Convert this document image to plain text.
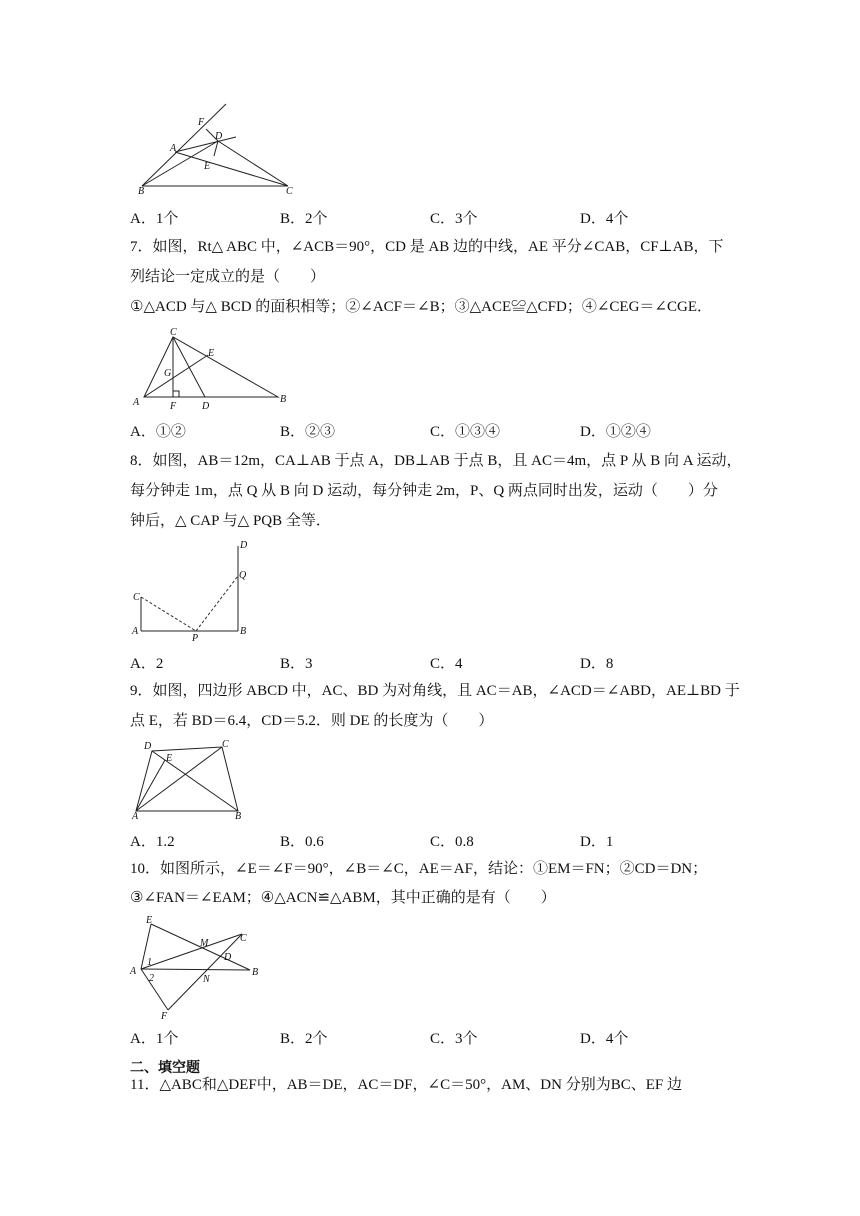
F
D
A
E
B	C
A．1个	B．2个	C．3个	D．4个
7．如图，Rt△ ABC 中，∠ACB＝90°，CD 是 AB 边的中线，AE 平分∠CAB，CF⊥AB，下
列结论一定成立的是（　　）
①△ACD 与△ BCD 的面积相等；②∠ACF＝∠B；③△ACE≌△CFD；④∠CEG＝∠CGE．
C
E
G
A	F	D
B
A．①②	B．②③	C．①③④	D．①②④
8．如图，AB＝12m，CA⊥AB 于点 A，DB⊥AB 于点 B，且 AC＝4m，点 P 从 B 向 A 运动，
每分钟走 1m，点 Q 从 B 向 D 运动，每分钟走 2m，P、Q 两点同时出发，运动（　　）分
钟后，△ CAP 与△ PQB 全等．
D
Q
C
A
P
B
A．2	B．3	C．4	D．8
9．如图，四边形 ABCD 中，AC、BD 为对角线，且 AC＝AB，∠ACD＝∠ABD，AE⊥BD 于
点 E，若 BD＝6.4，CD＝5.2．则 DE 的长度为（　　）
D	C
E
A	B
A．1.2	B．0.6	C．0.8	D．1
10．如图所示，∠E＝∠F＝90°，∠B＝∠C，AE＝AF，结论：①EM＝FN；②CD＝DN；
③∠FAN＝∠EAM；④△ACN≌△ABM，其中正确的是有（　　）
E
M	C
D
A
1
2
B
N
F
A．1个	B．2个	C．3个	D．4个
二、填空题
11．△ABC和△DEF中，AB＝DE，AC＝DF，∠C＝50°，AM、DN 分别为BC、EF 边
